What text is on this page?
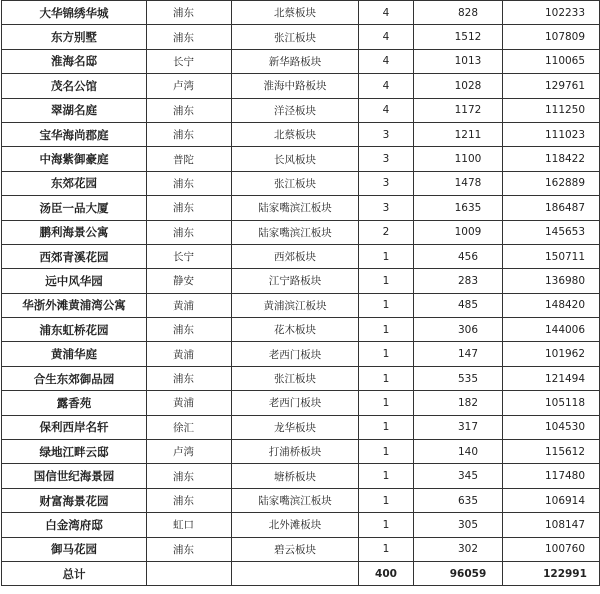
大华锦绣华城	浦东	北蔡板块	4	828	102233
东方别墅	浦东	张江板块	4	1512	107809
淮海名邸	长宁	新华路板块	4	1013	110065
茂名公馆	卢湾	淮海中路板块	4	1028	129761
翠湖名庭	浦东	洋泾板块	4	1172	111250
宝华海尚郡庭	浦东	北蔡板块	3	1211	111023
中海紫御豪庭	普陀	长风板块	3	1100	118422
东郊花园	浦东	张江板块	3	1478	162889
汤臣一品大厦	浦东	陆家嘴滨江板块	3	1635	186487
鹏利海景公寓	浦东	陆家嘴滨江板块	2	1009	145653
西郊青溪花园	长宁	西郊板块	1	456	150711
远中风华园	静安	江宁路板块	1	283	136980
华浙外滩黄浦湾公寓	黄浦	黄浦滨江板块	1	485	148420
浦东虹桥花园	浦东	花木板块	1	306	144006
黄浦华庭	黄浦	老西门板块	1	147	101962
合生东郊御品园	浦东	张江板块	1	535	121494
露香苑	黄浦	老西门板块	1	182	105118
保利西岸名轩	徐汇	龙华板块	1	317	104530
绿地江畔云邸	卢湾	打浦桥板块	1	140	115612
国信世纪海景园	浦东	塘桥板块	1	345	117480
财富海景花园	浦东	陆家嘴滨江板块	1	635	106914
白金湾府邸	虹口	北外滩板块	1	305	108147
御马花园	浦东	碧云板块	1	302	100760
总计			400	96059	122991
